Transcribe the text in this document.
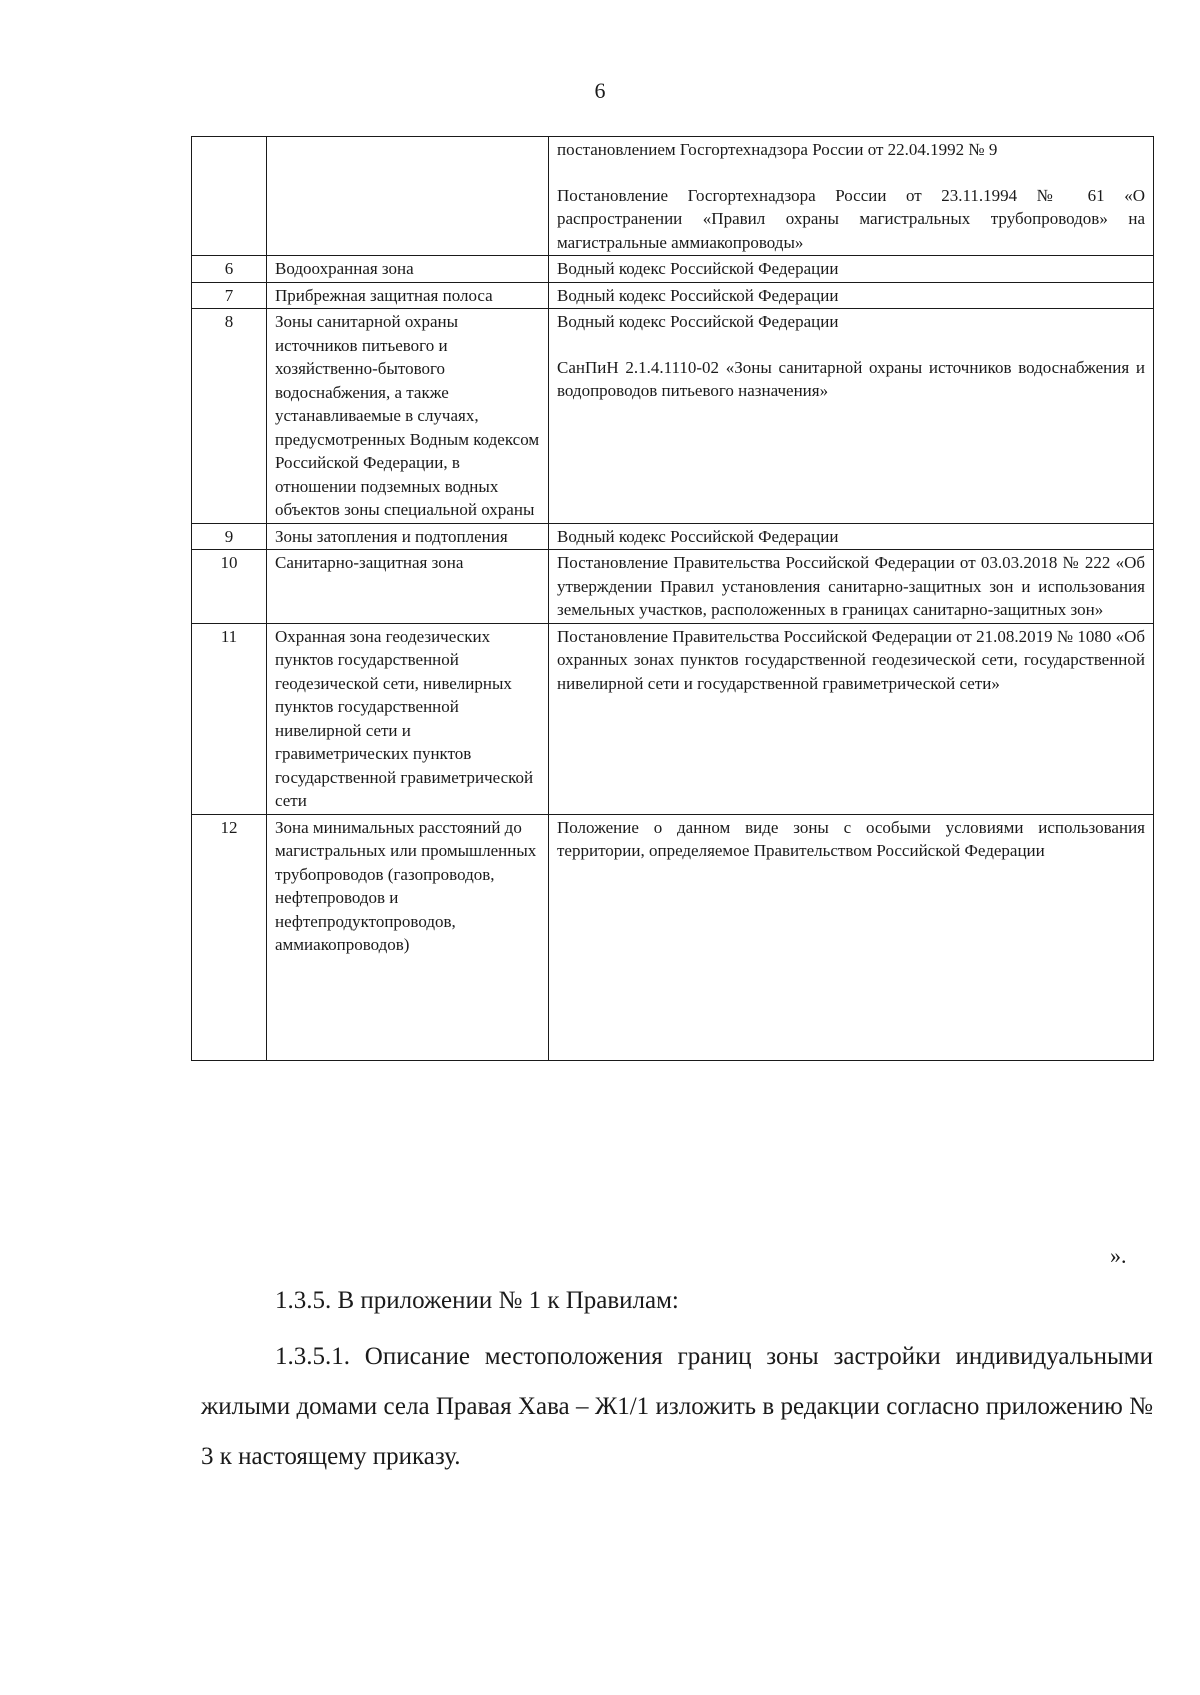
6

		постановлением Госгортехнадзора России от 22.04.1992 № 9

Постановление Госгортехнадзора России от 23.11.1994 № 61 «О распространении «Правил охраны магистральных трубопроводов» на магистральные аммиакопроводы»

6	Водоохранная зона	Водный кодекс Российской Федерации

7	Прибрежная защитная полоса	Водный кодекс Российской Федерации

8	Зоны санитарной охраны источников питьевого и хозяйственно-бытового водоснабжения, а также устанавливаемые в случаях, предусмотренных Водным кодексом Российской Федерации, в отношении подземных водных объектов зоны специальной охраны	Водный кодекс Российской Федерации

СанПиН 2.1.4.1110-02 «Зоны санитарной охраны источников водоснабжения и водопроводов питьевого назначения»

9	Зоны затопления и подтопления	Водный кодекс Российской Федерации

10	Санитарно-защитная зона	Постановление Правительства Российской Федерации от 03.03.2018 № 222 «Об утверждении Правил установления санитарно-защитных зон и использования земельных участков, расположенных в границах санитарно-защитных зон»

11	Охранная зона геодезических пунктов государственной геодезической сети, нивелирных пунктов государственной нивелирной сети и гравиметрических пунктов государственной гравиметрической сети	Постановление Правительства Российской Федерации от 21.08.2019 № 1080 «Об охранных зонах пунктов государственной геодезической сети, государственной нивелирной сети и государственной гравиметрической сети»

12	Зона минимальных расстояний до магистральных или промышленных трубопроводов (газопроводов, нефтепроводов и нефтепродуктопроводов, аммиакопроводов)	Положение о данном виде зоны с особыми условиями использования территории, определяемое Правительством Российской Федерации

».
1.3.5. В приложении № 1 к Правилам:

1.3.5.1. Описание местоположения границ зоны застройки индивидуальными жилыми домами села Правая Хава – Ж1/1 изложить в редакции согласно приложению № 3 к настоящему приказу.
